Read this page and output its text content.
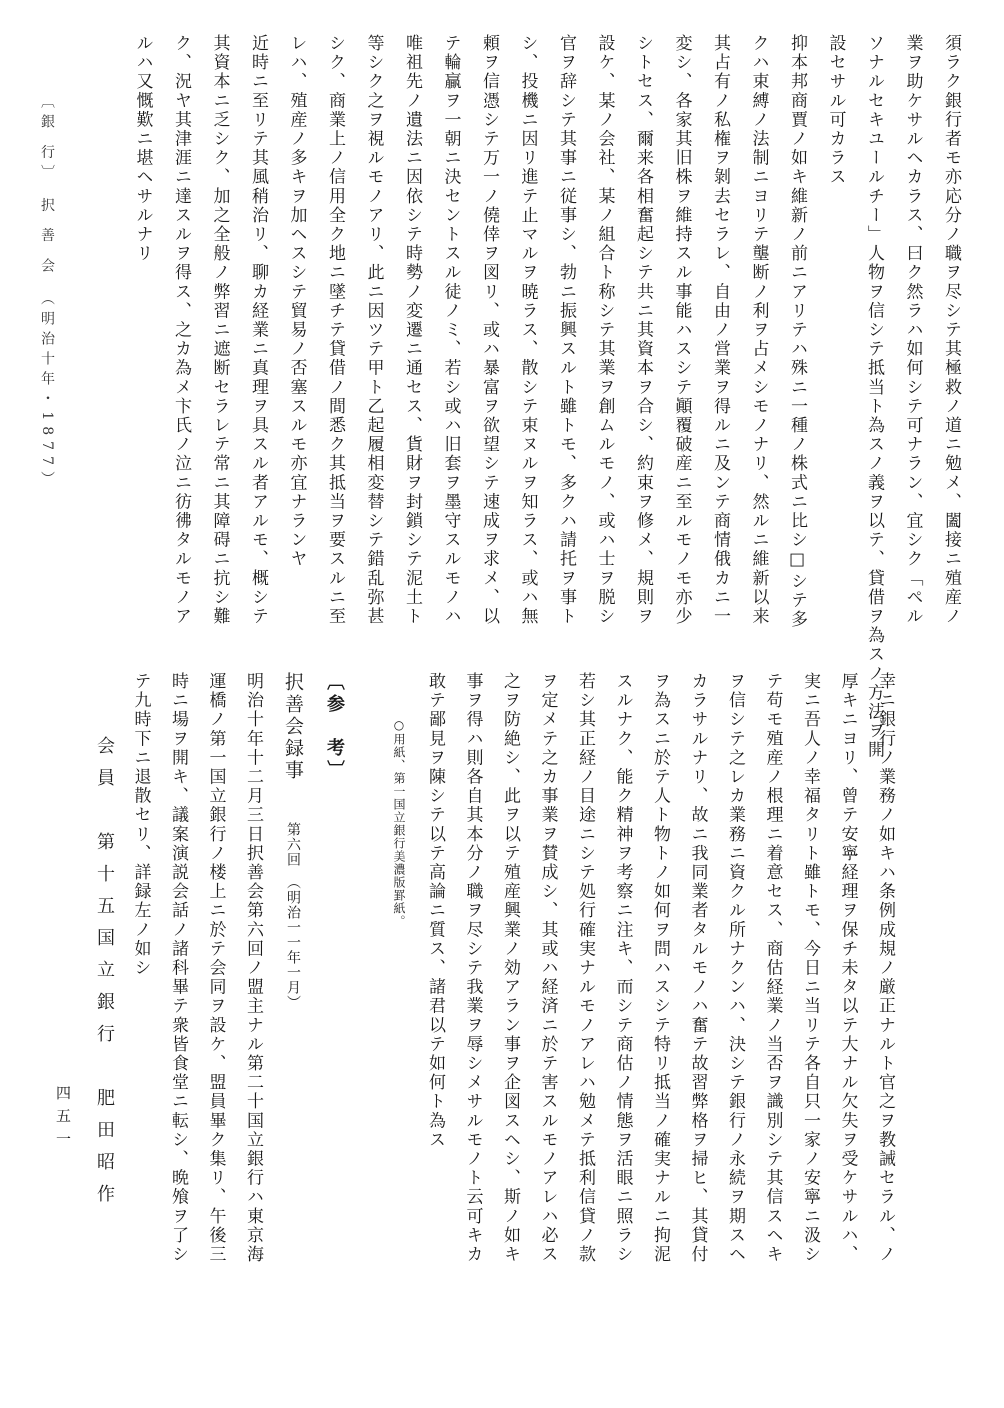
須ラク銀行者モ亦応分ノ職ヲ尽シテ其極救ノ道ニ勉メ、闔接ニ殖産ノ
業ヲ助ケサルヘカラス、曰ク然ラハ如何シテ可ナラン、宜シク「ペル
ソナルセキユールチー」人物ヲ信シテ抵当ト為スノ義ヲ以テ、貸借ヲ為スノ方法ヲ開
設セサル可カラス
抑本邦商賈ノ如キ維新ノ前ニアリテハ殊ニ一種ノ株式ニ比シ□シテ多
クハ束縛ノ法制ニヨリテ壟断ノ利ヲ占メシモノナリ、然ルニ維新以来
其占有ノ私権ヲ剝去セラレ、自由ノ営業ヲ得ルニ及ンテ商情俄カニ一
変シ、各家其旧株ヲ維持スル事能ハスシテ顚覆破産ニ至ルモノモ亦少
シトセス、爾来各相奮起シテ共ニ其資本ヲ合シ、約束ヲ修メ、規則ヲ
設ケ、某ノ会社、某ノ組合ト称シテ其業ヲ創ムルモノ、或ハ士ヲ脱シ
官ヲ辞シテ其事ニ従事シ、勃ニ振興スルト雖トモ、多クハ請托ヲ事ト
シ、投機ニ因リ進テ止マルヲ暁ラス、散シテ束ヌルヲ知ラス、或ハ無
頼ヲ信憑シテ万一ノ僥倖ヲ図リ、或ハ暴富ヲ欲望シテ速成ヲ求メ、以
テ輪贏ヲ一朝ニ決セントスル徒ノミ、若シ或ハ旧套ヲ墨守スルモノハ
唯祖先ノ遺法ニ因依シテ時勢ノ変遷ニ通セス、貨財ヲ封鎖シテ泥土ト
等シク之ヲ視ルモノアリ、此ニ因ツテ甲ト乙起履相変替シテ錯乱弥甚
シク、商業上ノ信用全ク地ニ墜チテ貸借ノ間悉ク其抵当ヲ要スルニ至
レハ、殖産ノ多キヲ加ヘスシテ貿易ノ否塞スルモ亦宜ナランヤ
近時ニ至リテ其風稍治リ、聊カ経業ニ真理ヲ具スル者アルモ、概シテ
其資本ニ乏シク、加之全般ノ弊習ニ遮断セラレテ常ニ其障碍ニ抗シ難
ク、況ヤ其津涯ニ達スルヲ得ス、之カ為メ卞氏ノ泣ニ彷彿タルモノア
ルハ又慨歎ニ堪ヘサルナリ
〔銀 行〕　択 善 会　（明治十年・1877）
幸ニ銀行ノ業務ノ如キハ条例成規ノ厳正ナルト官之ヲ教誡セラル、ノ
厚キニヨリ、曾テ安寧経理ヲ保チ未タ以テ大ナル欠失ヲ受ケサルハ、
実ニ吾人ノ幸福タリト雖トモ、今日ニ当リテ各自只一家ノ安寧ニ汲シ
テ苟モ殖産ノ根理ニ着意セス、商估経業ノ当否ヲ識別シテ其信スヘキ
ヲ信シテ之レカ業務ニ資クル所ナクンハ、決シテ銀行ノ永続ヲ期スヘ
カラサルナリ、故ニ我同業者タルモノハ奮テ故習弊格ヲ掃ヒ、其貸付
ヲ為スニ於テ人ト物トノ如何ヲ問ハスシテ特リ抵当ノ確実ナルニ拘泥
スルナク、能ク精神ヲ考察ニ注キ、而シテ商估ノ情態ヲ活眼ニ照ラシ
若シ其正経ノ目途ニシテ処行確実ナルモノアレハ勉メテ抵利信貸ノ款
ヲ定メテ之カ事業ヲ賛成シ、其或ハ経済ニ於テ害スルモノアレハ必ス
之ヲ防絶シ、此ヲ以テ殖産興業ノ効アラン事ヲ企図スヘシ、斯ノ如キ
事ヲ得ハ則各自其本分ノ職ヲ尽シテ我業ヲ辱シメサルモノト云可キカ
敢テ鄙見ヲ陳シテ以テ高論ニ質ス、諸君以テ如何ト為ス
○用紙、第一国立銀行美濃版罫紙。
〔参　考〕
択善会録事
第六回　（明治一一年一月）
明治十年十二月三日択善会第六回ノ盟主ナル第二十国立銀行ハ東京海
運橋ノ第一国立銀行ノ楼上ニ於テ会同ヲ設ケ、盟員畢ク集リ、午後三
時ニ場ヲ開キ、議案演説会話ノ諸科畢テ衆皆食堂ニ転シ、晩飧ヲ了シ
テ九時下ニ退散セリ、詳録左ノ如シ
会員　第十五国立銀行　肥田昭作
四五一
